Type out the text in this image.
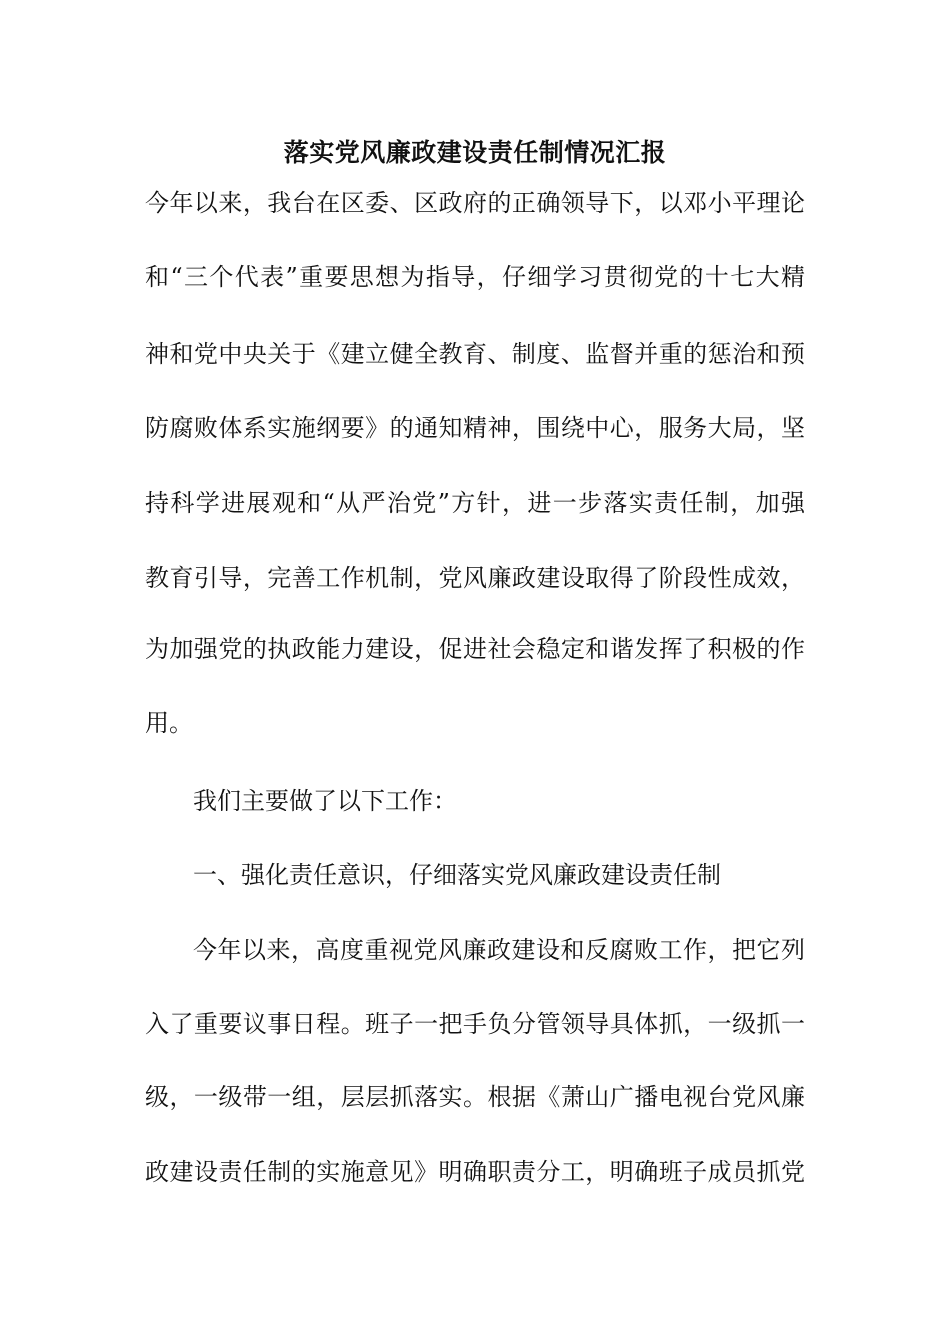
落实党风廉政建设责任制情况汇报
今年以来，我台在区委、区政府的正确领导下，以邓小平理论
和“三个代表”重要思想为指导，仔细学习贯彻党的十七大精
神和党中央关于《建立健全教育、制度、监督并重的惩治和预
防腐败体系实施纲要》的通知精神，围绕中心，服务大局，坚
持科学进展观和“从严治党”方针，进一步落实责任制，加强
教育引导，完善工作机制，党风廉政建设取得了阶段性成效，
为加强党的执政能力建设，促进社会稳定和谐发挥了积极的作
用。
我们主要做了以下工作：
一、强化责任意识，仔细落实党风廉政建设责任制
今年以来，高度重视党风廉政建设和反腐败工作，把它列
入了重要议事日程。班子一把手负分管领导具体抓，一级抓一
级，一级带一组，层层抓落实。根据《萧山广播电视台党风廉
政建设责任制的实施意见》明确职责分工，明确班子成员抓党
